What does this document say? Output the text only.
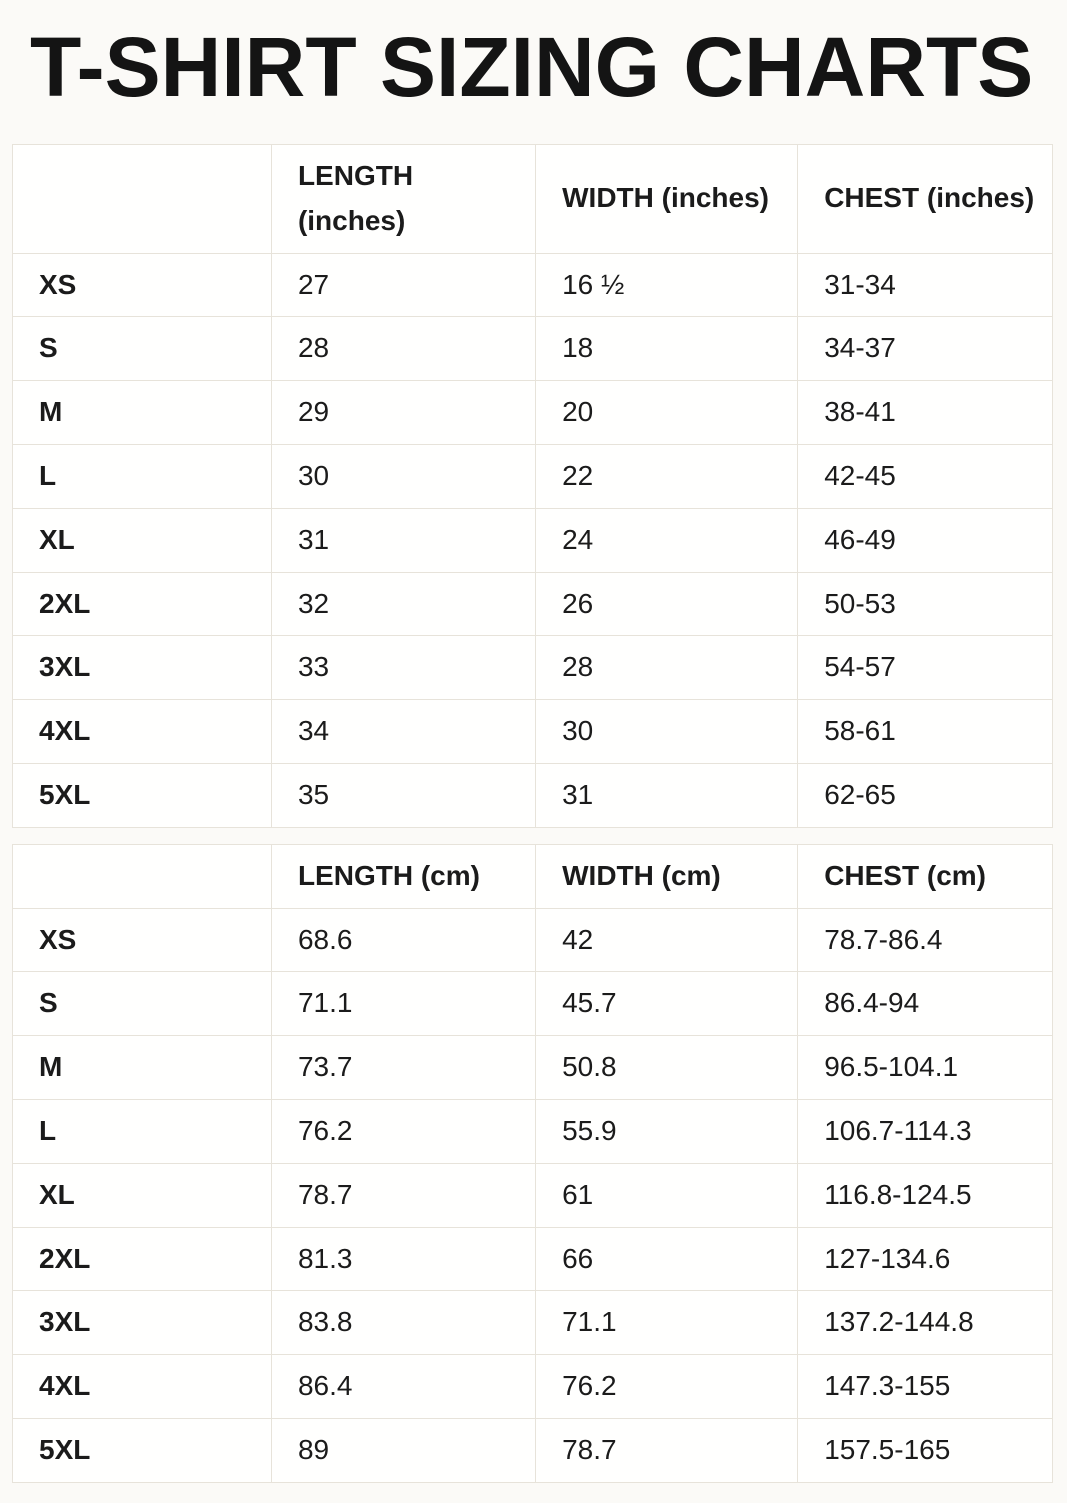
T-SHIRT SIZING CHARTS
	LENGTH (inches)	WIDTH (inches)	CHEST (inches)
XS	27	16 ½	31-34
S	28	18	34-37
M	29	20	38-41
L	30	22	42-45
XL	31	24	46-49
2XL	32	26	50-53
3XL	33	28	54-57
4XL	34	30	58-61
5XL	35	31	62-65
	LENGTH (cm)	WIDTH (cm)	CHEST (cm)
XS	68.6	42	78.7-86.4
S	71.1	45.7	86.4-94
M	73.7	50.8	96.5-104.1
L	76.2	55.9	106.7-114.3
XL	78.7	61	116.8-124.5
2XL	81.3	66	127-134.6
3XL	83.8	71.1	137.2-144.8
4XL	86.4	76.2	147.3-155
5XL	89	78.7	157.5-165
